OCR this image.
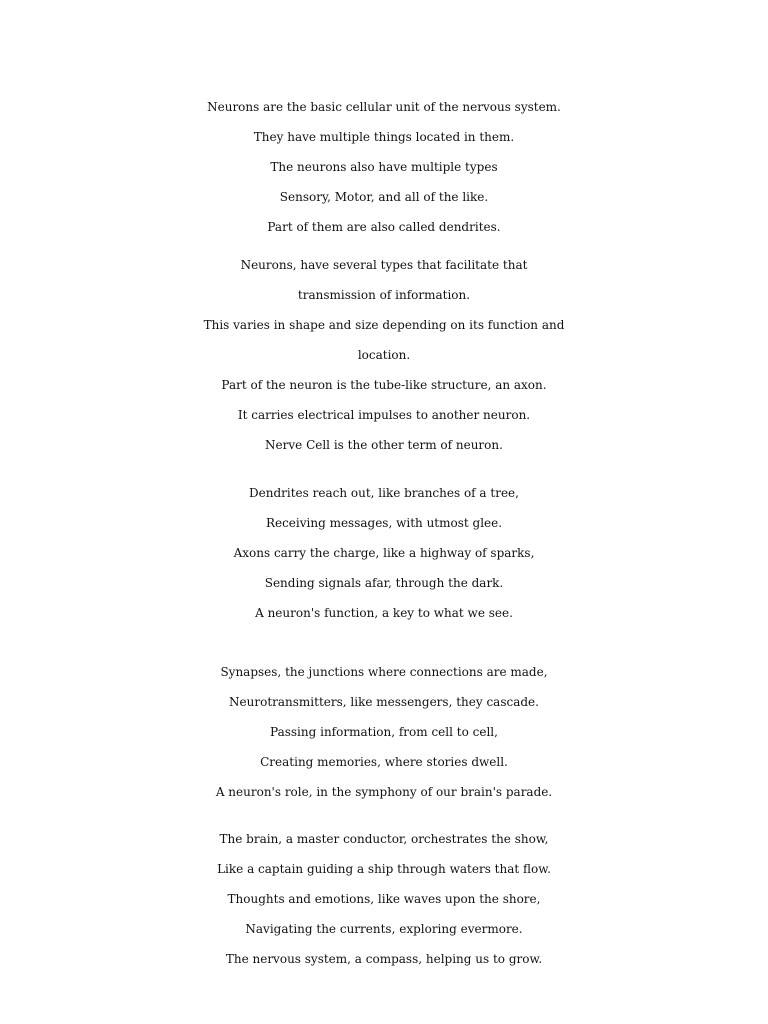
Neurons are the basic cellular unit of the nervous system.
They have multiple things located in them.
The neurons also have multiple types
Sensory, Motor, and all of the like.
Part of them are also called dendrites.

Neurons, have several types that facilitate that
transmission of information.
This varies in shape and size depending on its function and
location.
Part of the neuron is the tube-like structure, an axon.
It carries electrical impulses to another neuron.
Nerve Cell is the other term of neuron.

Dendrites reach out, like branches of a tree,
Receiving messages, with utmost glee.
Axons carry the charge, like a highway of sparks,
Sending signals afar, through the dark.
A neuron's function, a key to what we see.

Synapses, the junctions where connections are made,
Neurotransmitters, like messengers, they cascade.
Passing information, from cell to cell,
Creating memories, where stories dwell.
A neuron's role, in the symphony of our brain's parade.

The brain, a master conductor, orchestrates the show,
Like a captain guiding a ship through waters that flow.
Thoughts and emotions, like waves upon the shore,
Navigating the currents, exploring evermore.
The nervous system, a compass, helping us to grow.
